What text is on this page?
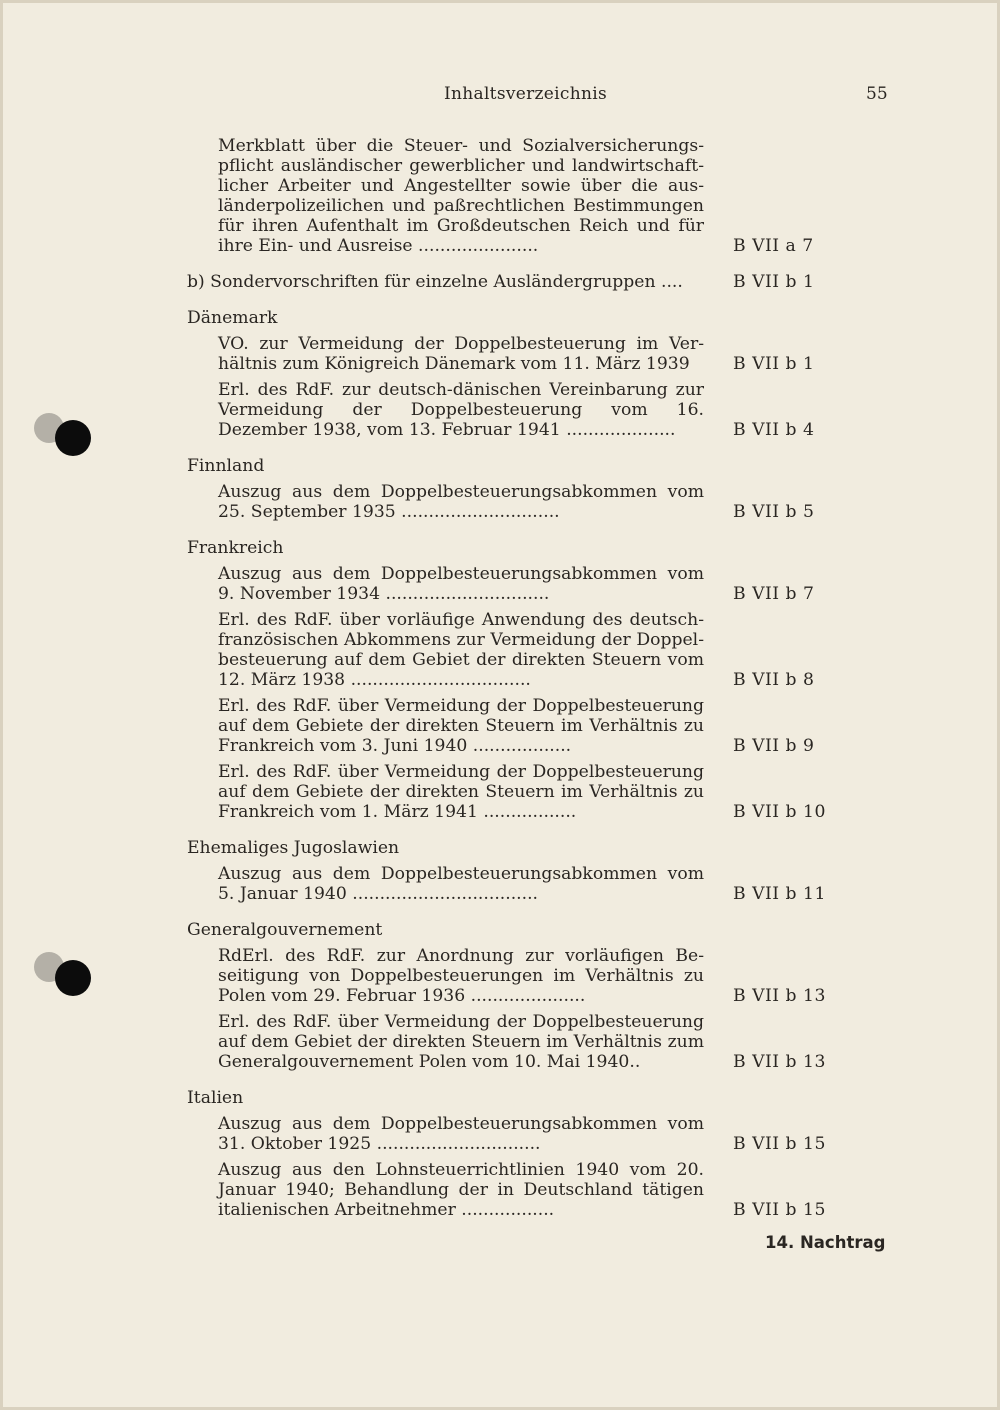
Inhaltsverzeichnis	55
Merkblatt über die Steuer- und Sozialversicherungspflicht ausländischer gewerblicher und landwirtschaftlicher Arbeiter und Angestellter sowie über die ausländerpolizeilichen und paßrechtlichen Bestimmungen für ihren Aufenthalt im Großdeutschen Reich und für ihre Ein- und Ausreise ......................	B VII a 7
b) Sondervorschriften für einzelne Ausländergruppen ....	B VII b 1
Dänemark
VO. zur Vermeidung der Doppelbesteuerung im Verhältnis zum Königreich Dänemark vom 11. März 1939	B VII b 1
Erl. des RdF. zur deutsch-dänischen Vereinbarung zur Vermeidung der Doppelbesteuerung vom 16. Dezember 1938, vom 13. Februar 1941 ....................	B VII b 4
Finnland
Auszug aus dem Doppelbesteuerungsabkommen vom 25. September 1935 .............................	B VII b 5
Frankreich
Auszug aus dem Doppelbesteuerungsabkommen vom 9. November 1934 ..............................	B VII b 7
Erl. des RdF. über vorläufige Anwendung des deutschfranzösischen Abkommens zur Vermeidung der Doppelbesteuerung auf dem Gebiet der direkten Steuern vom 12. März 1938 .................................	B VII b 8
Erl. des RdF. über Vermeidung der Doppelbesteuerung auf dem Gebiete der direkten Steuern im Verhältnis zu Frankreich vom 3. Juni 1940 ..................	B VII b 9
Erl. des RdF. über Vermeidung der Doppelbesteuerung auf dem Gebiete der direkten Steuern im Verhältnis zu Frankreich vom 1. März 1941 .................	B VII b 10
Ehemaliges Jugoslawien
Auszug aus dem Doppelbesteuerungsabkommen vom 5. Januar 1940 ..................................	B VII b 11
Generalgouvernement
RdErl. des RdF. zur Anordnung zur vorläufigen Beseitigung von Doppelbesteuerungen im Verhältnis zu Polen vom 29. Februar 1936 .....................	B VII b 13
Erl. des RdF. über Vermeidung der Doppelbesteuerung auf dem Gebiet der direkten Steuern im Verhältnis zum Generalgouvernement Polen vom 10. Mai 1940..	B VII b 13
Italien
Auszug aus dem Doppelbesteuerungsabkommen vom 31. Oktober 1925 ..............................	B VII b 15
Auszug aus den Lohnsteuerrichtlinien 1940 vom 20. Januar 1940; Behandlung der in Deutschland tätigen italienischen Arbeitnehmer .................	B VII b 15
14. Nachtrag
